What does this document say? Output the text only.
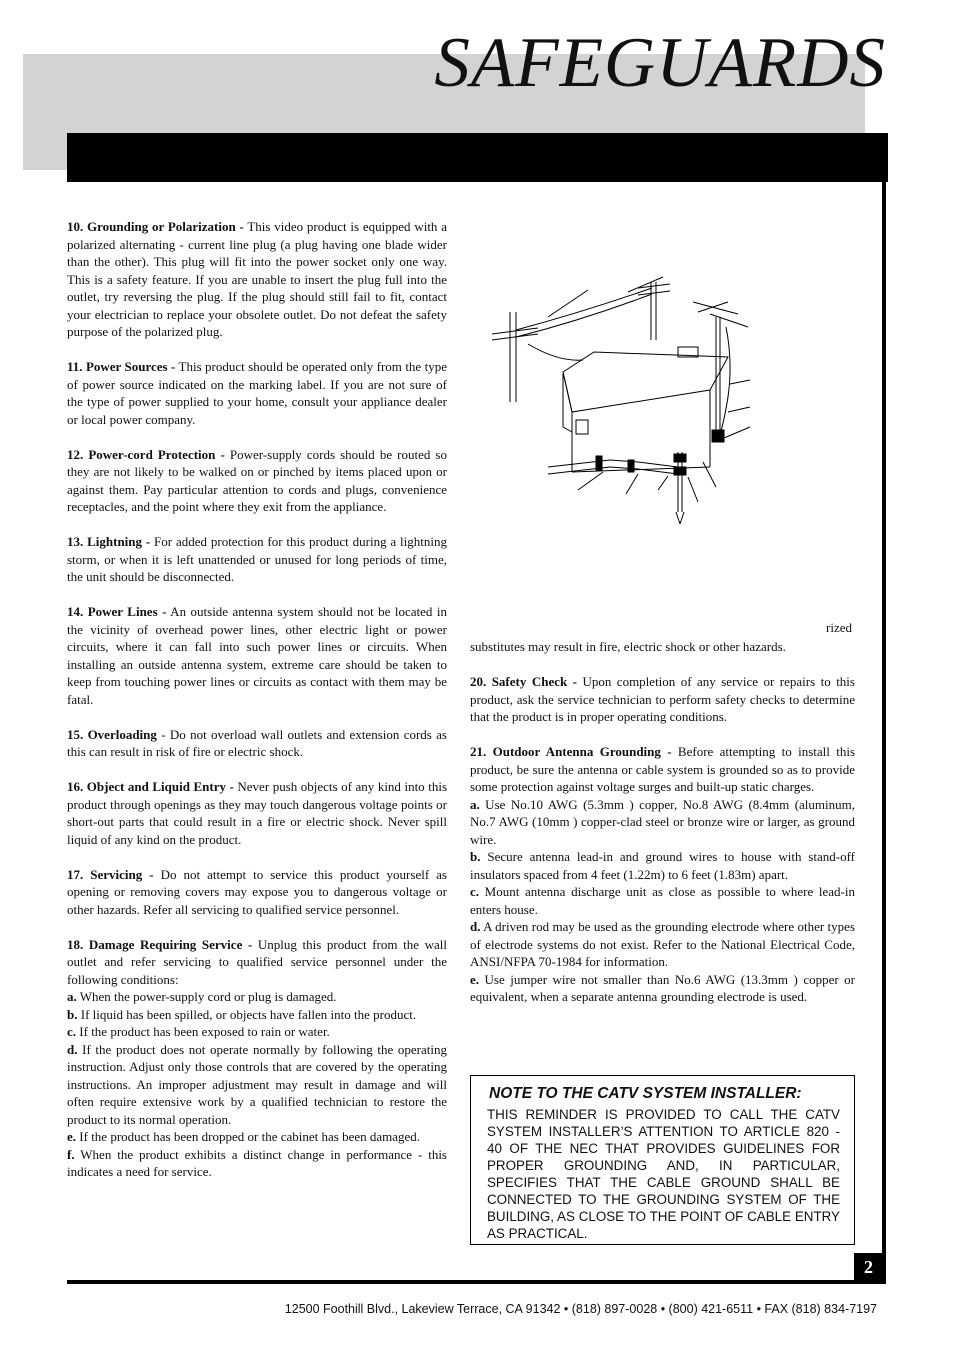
SAFEGUARDS

10. Grounding or Polarization - This video product is equipped with a polarized alternating - current line plug (a plug having one blade wider than the other). This plug will fit into the power socket only one way. This is a safety feature. If you are unable to insert the plug full into the outlet, try reversing the plug. If the plug should still fail to fit, contact your electrician to replace your obsolete outlet. Do not defeat the safety purpose of the polarized plug.

11. Power Sources - This product should be operated only from the type of power source indicated on the marking label. If you are not sure of the type of power supplied to your home, consult your appliance dealer or local power company.

12. Power-cord Protection - Power-supply cords should be routed so they are not likely to be walked on or pinched by items placed upon or against them. Pay particular attention to cords and plugs, convenience receptacles, and the point where they exit from the appliance.

13. Lightning - For added protection for this product during a lightning storm, or when it is left unattended or unused for long periods of time, the unit should be disconnected.

14. Power Lines - An outside antenna system should not be located in the vicinity of overhead power lines, other electric light or power circuits, where it can fall into such power lines or circuits. When installing an outside antenna system, extreme care should be taken to keep from touching power lines or circuits as contact with them may be fatal.

15. Overloading - Do not overload wall outlets and extension cords as this can result in risk of fire or electric shock.

16. Object and Liquid Entry - Never push objects of any kind into this product through openings as they may touch dangerous voltage points or short-out parts that could result in a fire or electric shock. Never spill liquid of any kind on the product.

17. Servicing - Do not attempt to service this product yourself as opening or removing covers may expose you to dangerous voltage or other hazards. Refer all servicing to qualified service personnel.

18. Damage Requiring Service - Unplug this product from the wall outlet and refer servicing to qualified service personnel under the following conditions:

a. When the power-supply cord or plug is damaged.

b. If liquid has been spilled, or objects have fallen into the product.

c. If the product has been exposed to rain or water.

d. If the product does not operate normally by following the operating instruction. Adjust only those controls that are covered by the operating instructions. An improper adjustment may result in damage and will often require extensive work by a qualified technician to restore the product to its normal operation.

e. If the product has been dropped or the cabinet has been damaged.

f. When the product exhibits a distinct change in performance - this indicates a need for service.

rized

substitutes may result in fire, electric shock or other hazards.

20. Safety Check - Upon completion of any service or repairs to this product, ask the service technician to perform safety checks to determine that the product is in proper operating conditions.

21. Outdoor Antenna Grounding - Before attempting to install this product, be sure the antenna or cable system is grounded so as to provide some protection against voltage surges and built-up static charges.

a. Use No.10 AWG (5.3mm ) copper, No.8 AWG (8.4mm (aluminum, No.7 AWG (10mm ) copper-clad steel or bronze wire or larger, as ground wire.

b. Secure antenna lead-in and ground wires to house with stand-off insulators spaced from 4 feet (1.22m) to 6 feet (1.83m) apart.

c. Mount antenna discharge unit as close as possible to where lead-in enters house.

d. A driven rod may be used as the grounding electrode where other types of electrode systems do not exist. Refer to the National Electrical Code, ANSI/NFPA 70-1984 for information.

e. Use jumper wire not smaller than No.6 AWG (13.3mm ) copper or equivalent, when a separate antenna grounding electrode is used.

NOTE TO THE CATV SYSTEM INSTALLER:
THIS REMINDER IS PROVIDED TO CALL THE CATV SYSTEM INSTALLER’S ATTENTION TO ARTICLE 820 - 40 OF THE NEC THAT PROVIDES GUIDELINES FOR PROPER GROUNDING AND, IN PARTICULAR, SPECIFIES THAT THE CABLE GROUND SHALL BE CONNECTED TO THE GROUNDING SYSTEM OF THE BUILDING, AS CLOSE TO THE POINT OF CABLE ENTRY AS PRACTICAL.
2
12500 Foothill Blvd., Lakeview Terrace, CA 91342 • (818) 897-0028 • (800) 421-6511 • FAX (818) 834-7197
